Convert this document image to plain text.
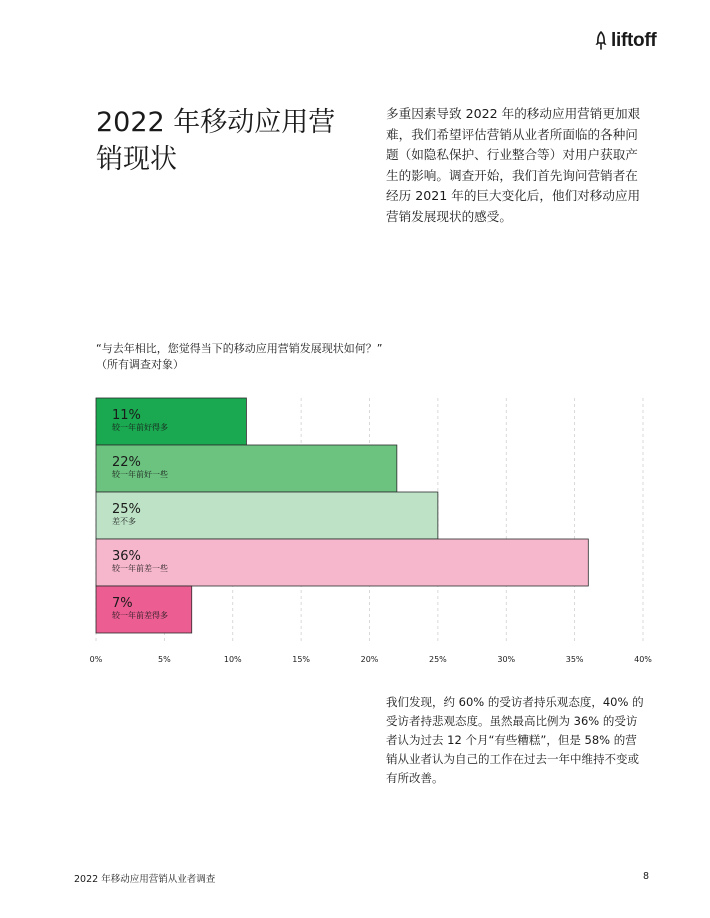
liftoff
2022 年移动应用营销现状

多重因素导致 2022 年的移动应用营销更加艰难，我们希望评估营销从业者所面临的各种问题（如隐私保护、行业整合等）对用户获取产生的影响。调查开始，我们首先询问营销者在经历 2021 年的巨大变化后，他们对移动应用营销发展现状的感受。

“与去年相比，您觉得当下的移动应用营销发展现状如何？”
（所有调查对象）
11%
较一年前好得多
22%
较一年前好一些
25%
差不多
36%
较一年前差一些
7%
较一年前差得多
0%	5%	10%	15%	20%	25%	30%	35%	40%

我们发现，约 60% 的受访者持乐观态度，40% 的受访者持悲观态度。虽然最高比例为 36% 的受访者认为过去 12 个月“有些糟糕”，但是 58% 的营销从业者认为自己的工作在过去一年中维持不变或有所改善。

2022 年移动应用营销从业者调查	8
